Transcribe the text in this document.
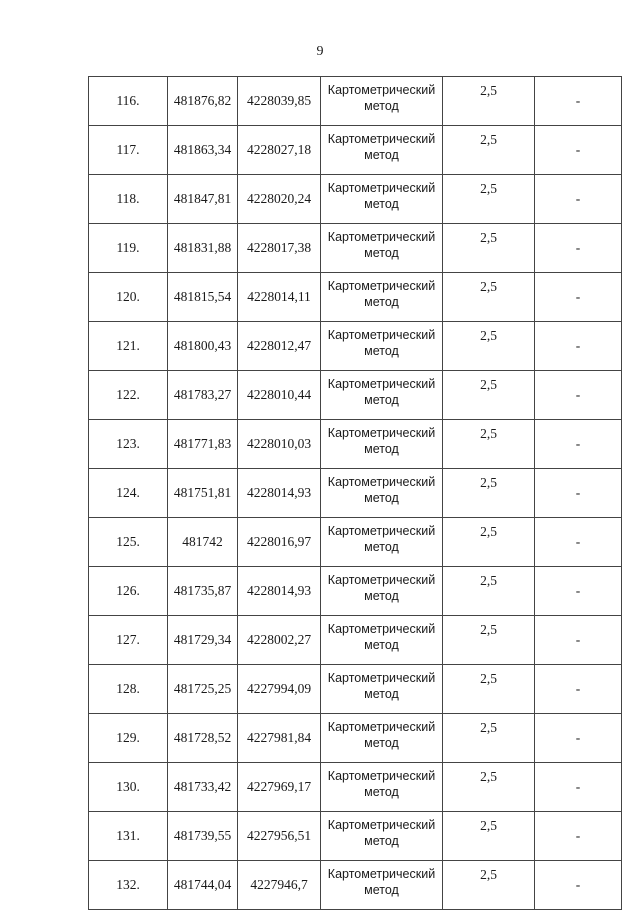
9
116.	481876,82	4228039,85	Картометрический метод	2,5	-
117.	481863,34	4228027,18	Картометрический метод	2,5	-
118.	481847,81	4228020,24	Картометрический метод	2,5	-
119.	481831,88	4228017,38	Картометрический метод	2,5	-
120.	481815,54	4228014,11	Картометрический метод	2,5	-
121.	481800,43	4228012,47	Картометрический метод	2,5	-
122.	481783,27	4228010,44	Картометрический метод	2,5	-
123.	481771,83	4228010,03	Картометрический метод	2,5	-
124.	481751,81	4228014,93	Картометрический метод	2,5	-
125.	481742	4228016,97	Картометрический метод	2,5	-
126.	481735,87	4228014,93	Картометрический метод	2,5	-
127.	481729,34	4228002,27	Картометрический метод	2,5	-
128.	481725,25	4227994,09	Картометрический метод	2,5	-
129.	481728,52	4227981,84	Картометрический метод	2,5	-
130.	481733,42	4227969,17	Картометрический метод	2,5	-
131.	481739,55	4227956,51	Картометрический метод	2,5	-
132.	481744,04	4227946,7	Картометрический метод	2,5	-
